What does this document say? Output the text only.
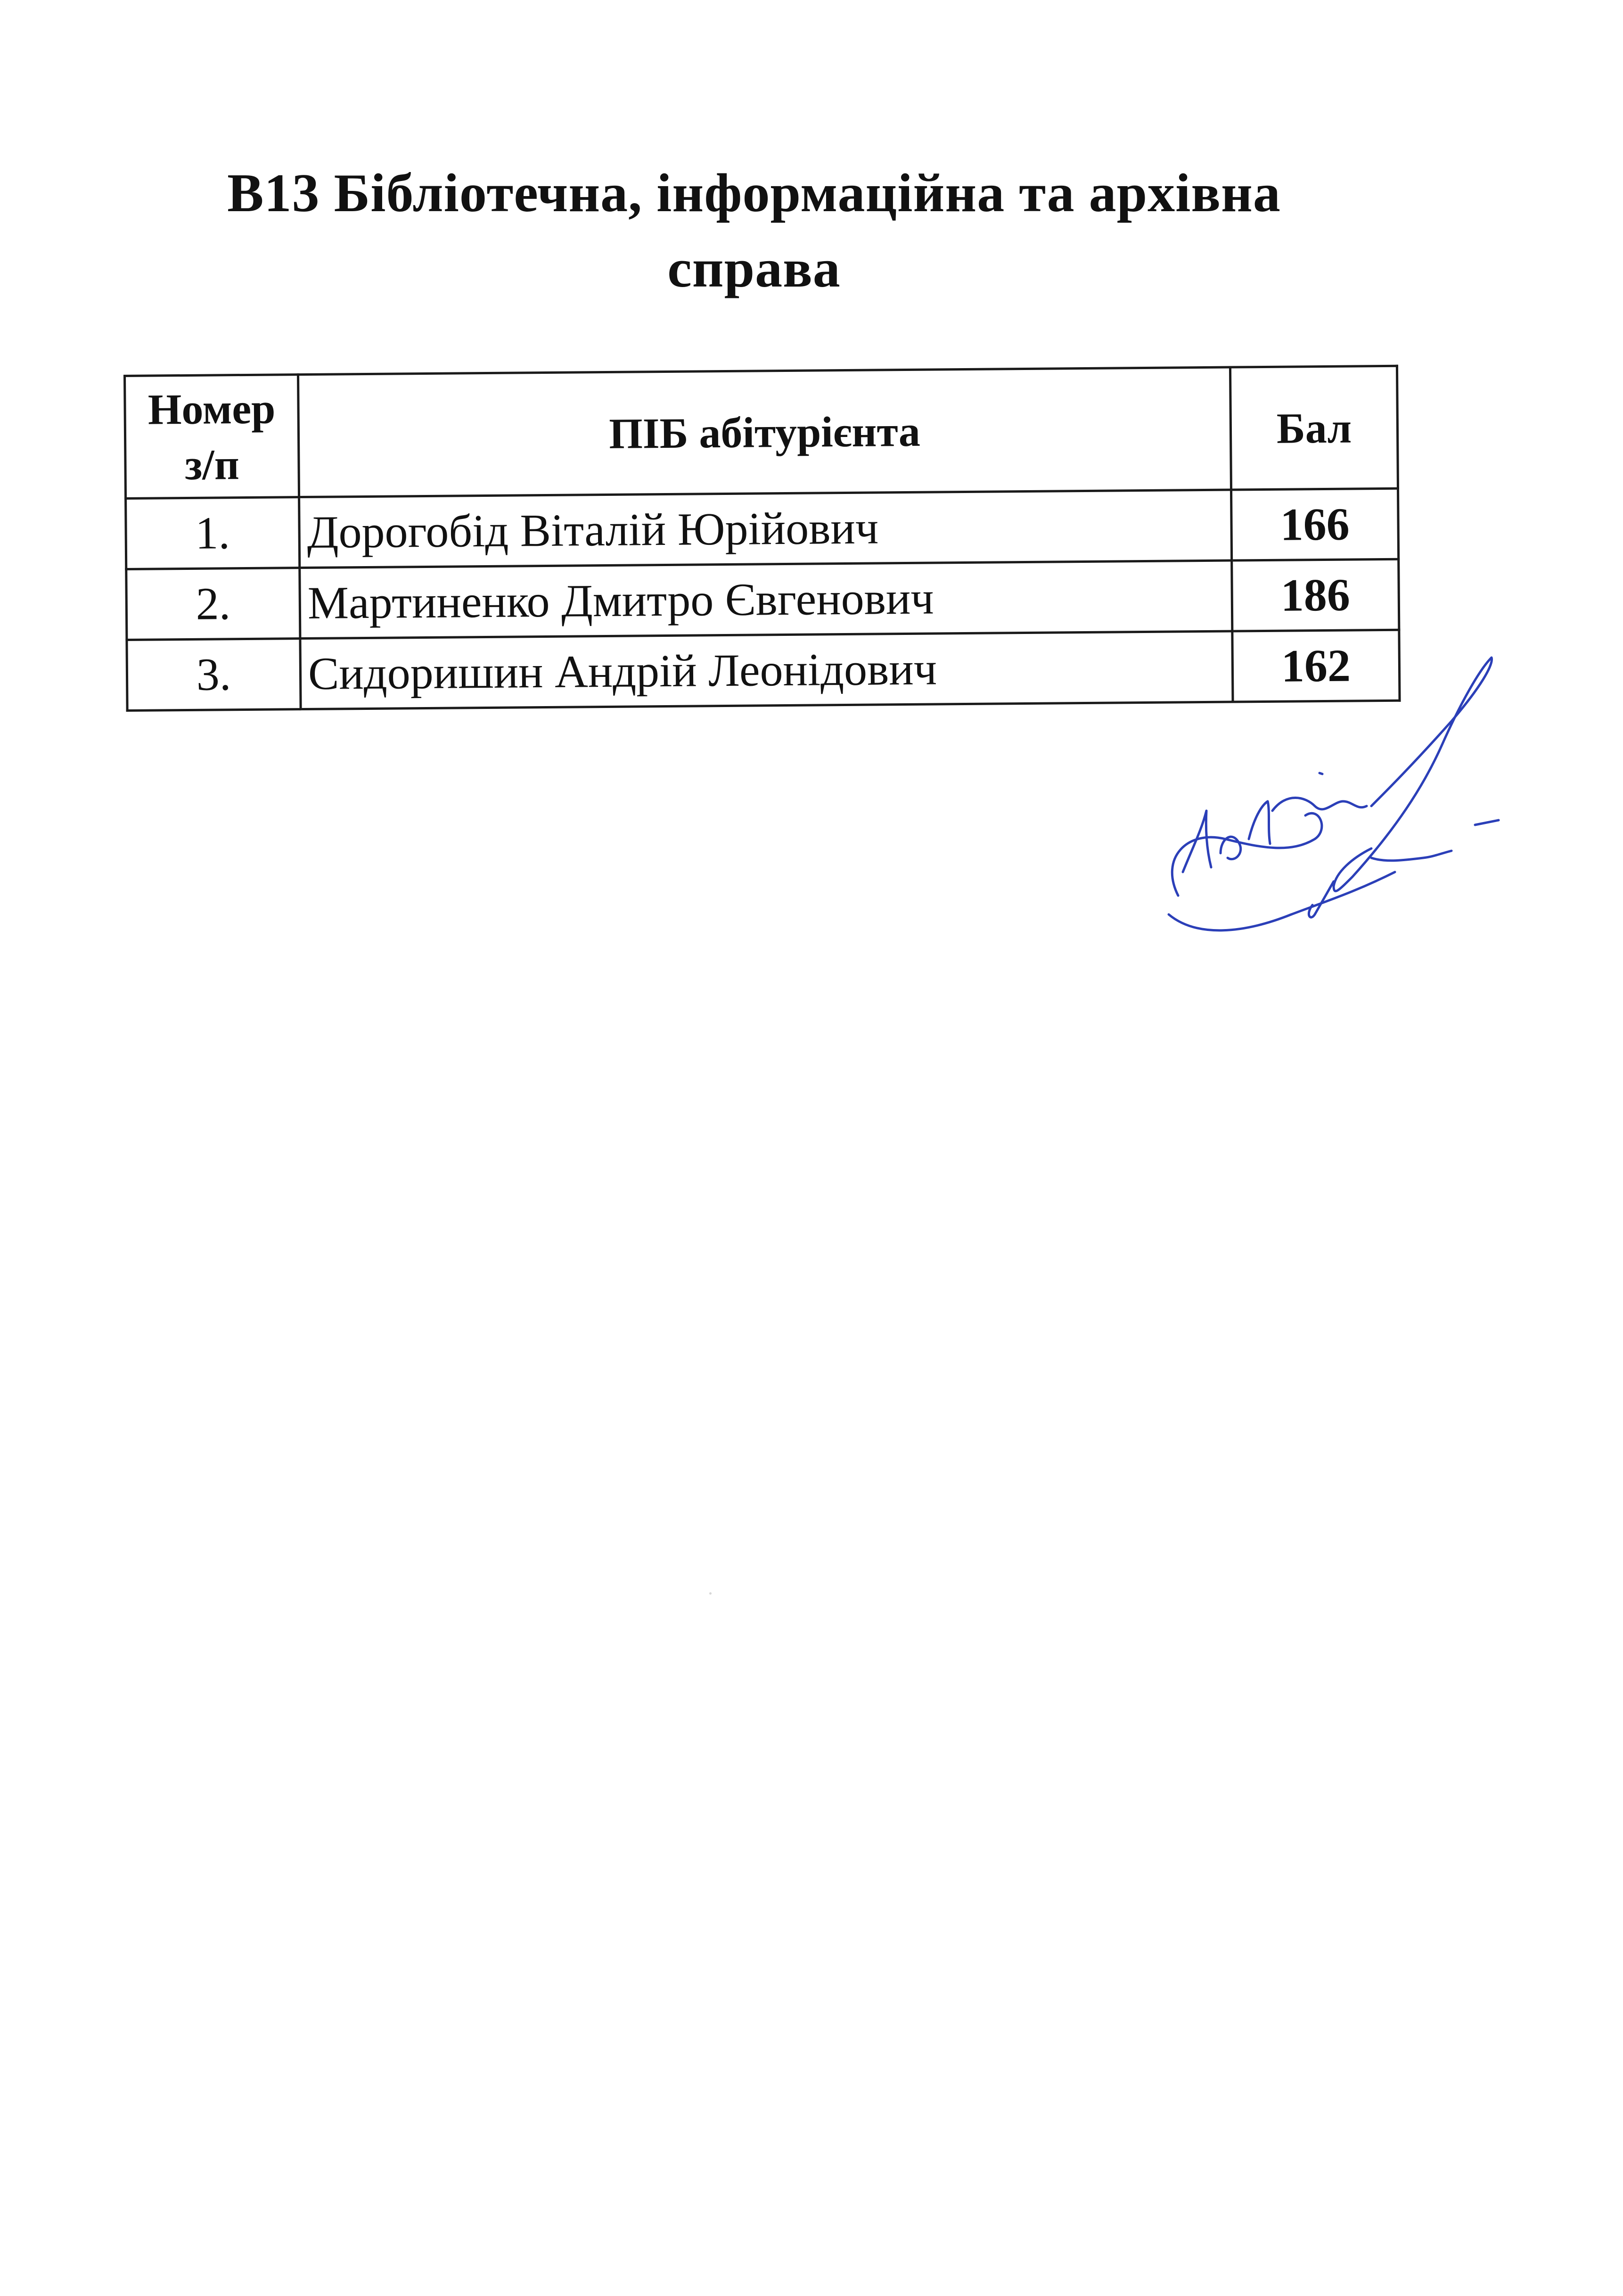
В13 Бібліотечна, інформаційна та архівна
справа
Номер з/п	ПІБ абітурієнта	Бал
1.	Дорогобід Віталій Юрійович	166
2.	Мартиненко Дмитро Євгенович	186
3.	Сидоришин Андрій Леонідович	162
